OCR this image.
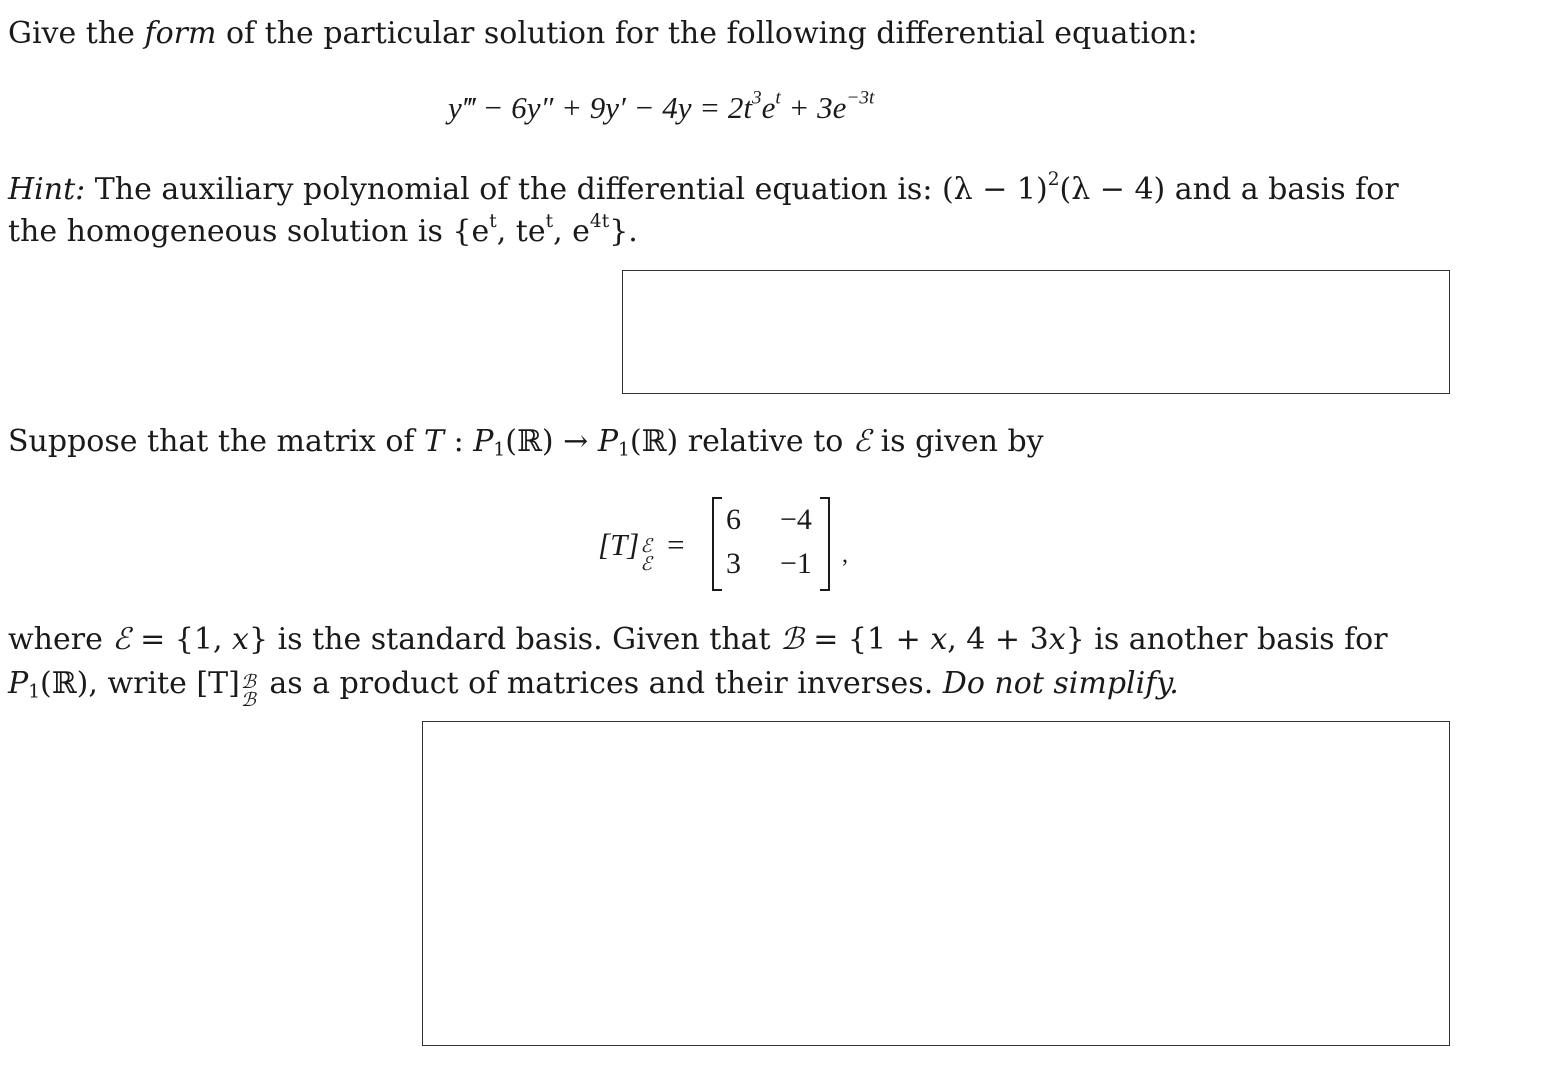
Give the form of the particular solution for the following differential equation:
y‴ − $6y'' + 9y' - 4y = 2t^3e^t + 3e^{-3t}$
Hint: The auxiliary polynomial of the differential equation is: $(\lambda - 1)^2(\lambda - 4)$ and a basis for
the homogeneous solution is {$e^t$, $te^t$, $e^{4t}$}.
Suppose that the matrix of T : $P_1(ℝ)$ → $P_1(ℝ)$ relative to ℰ is given by
[T] ℰ
ℰ
=
6 −4
3 −1 ,
where ℰ = {1, x} is the standard basis. Given that ℬ = {1 + x, 4 + 3x} is another basis for
$P_1(ℝ)$, write [T] ℬ
ℬ as a product of matrices and their inverses. Do not simplify.
